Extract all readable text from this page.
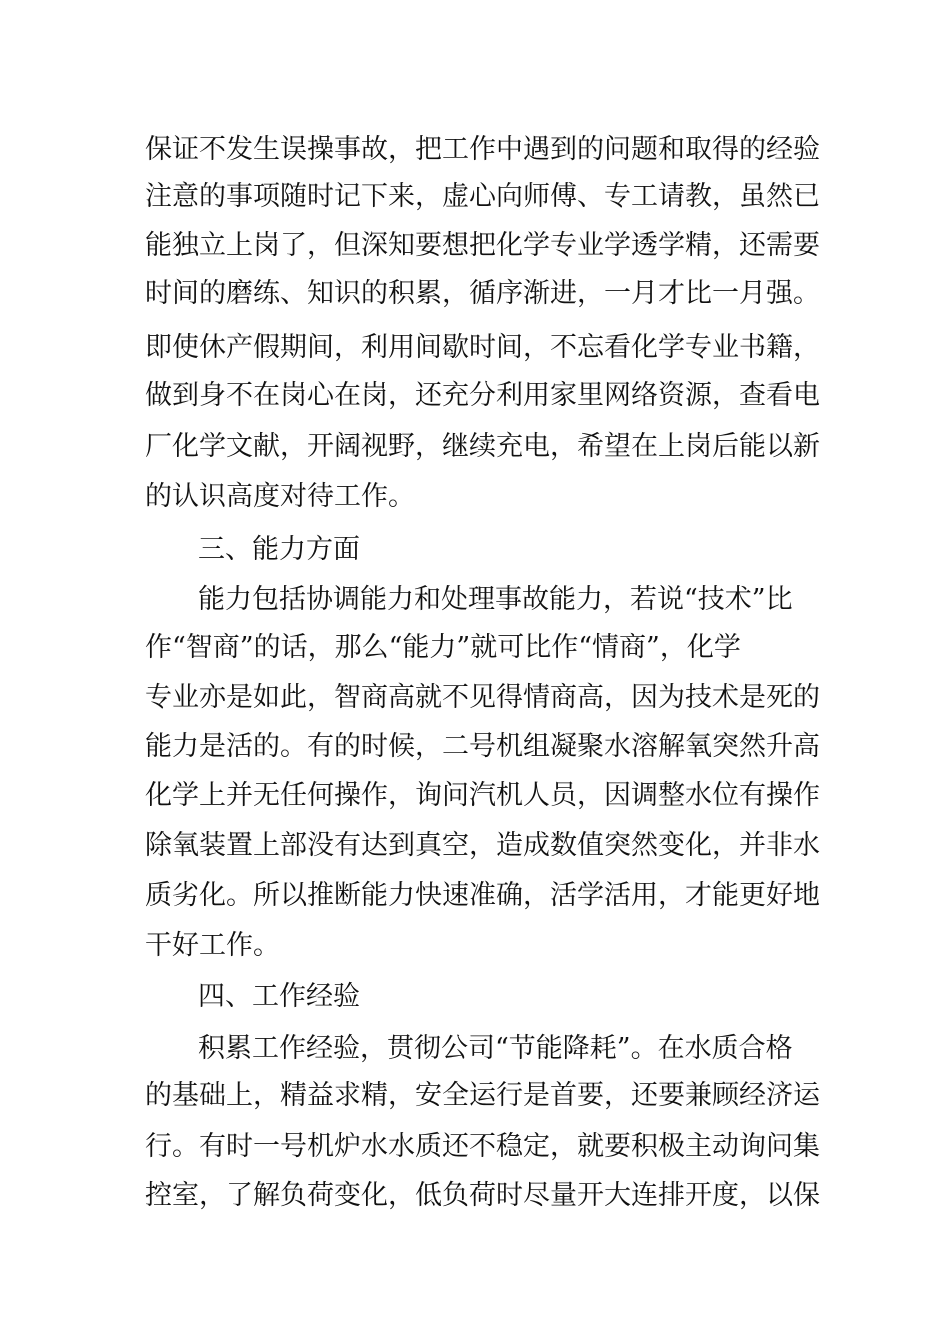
保证不发生误操事故，把工作中遇到的问题和取得的经验
注意的事项随时记下来，虚心向师傅、专工请教，虽然已
能独立上岗了，但深知要想把化学专业学透学精，还需要
时间的磨练、知识的积累，循序渐进，一月才比一月强。
即使休产假期间，利用间歇时间，不忘看化学专业书籍，
做到身不在岗心在岗，还充分利用家里网络资源，查看电
厂化学文献，开阔视野，继续充电，希望在上岗后能以新
的认识高度对待工作。
三、能力方面
能力包括协调能力和处理事故能力，若说“技术”比
作“智商”的话，那么“能力”就可比作“情商”，化学
专业亦是如此，智商高就不见得情商高，因为技术是死的
能力是活的。有的时候，二号机组凝聚水溶解氧突然升高
化学上并无任何操作，询问汽机人员，因调整水位有操作
除氧装置上部没有达到真空，造成数值突然变化，并非水
质劣化。所以推断能力快速准确，活学活用，才能更好地
干好工作。
四、工作经验
积累工作经验，贯彻公司“节能降耗”。在水质合格
的基础上，精益求精，安全运行是首要，还要兼顾经济运
行。有时一号机炉水水质还不稳定，就要积极主动询问集
控室，了解负荷变化，低负荷时尽量开大连排开度，以保
